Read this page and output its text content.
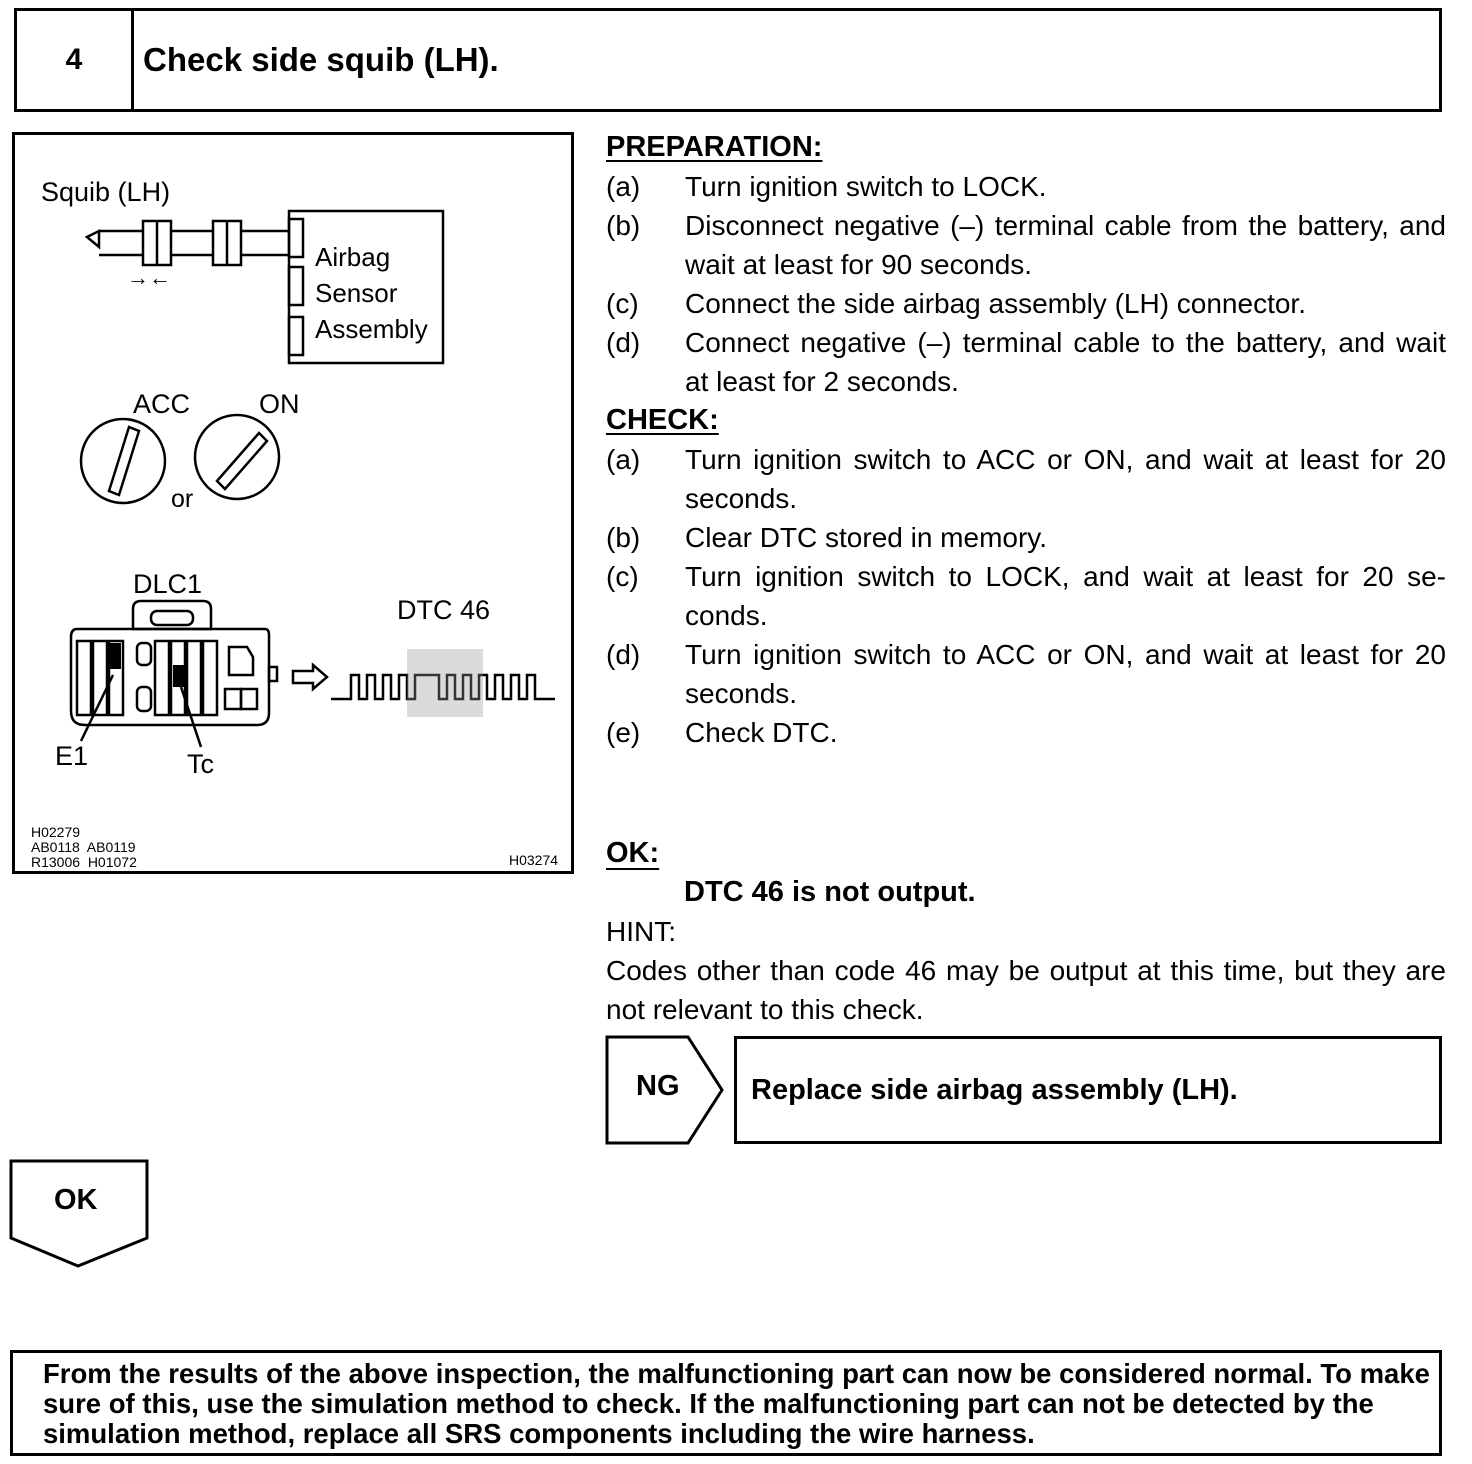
4	Check side squib (LH).
Squib (LH)
→←
Airbag
Sensor
Assembly
ACC	ON
or
DLC1
DTC 46
E1	Tc
H02279
AB0118  AB0119
R13006  H01072	H03274
PREPARATION:
(a)	Turn ignition switch to LOCK.
(b)	Disconnect negative (–) terminal cable from the battery, and wait at least for 90 seconds.
(c)	Connect the side airbag assembly (LH) connector.
(d)	Connect negative (–) terminal cable to the battery, and wait at least for 2 seconds.
CHECK:
(a)	Turn ignition switch to ACC or ON, and wait at least for 20 seconds.
(b)	Clear DTC stored in memory.
(c)	Turn ignition switch to LOCK, and wait at least for 20 se-conds.
(d)	Turn ignition switch to ACC or ON, and wait at least for 20 seconds.
(e)	Check DTC.
OK:
DTC 46 is not output.
HINT:
Codes other than code 46 may be output at this time, but they are not relevant to this check.
NG Replace side airbag assembly (LH).
OK
From the results of the above inspection, the malfunctioning part can now be considered normal. To make sure of this, use the simulation method to check. If the malfunctioning part can not be detected by the simulation method, replace all SRS components including the wire harness.
